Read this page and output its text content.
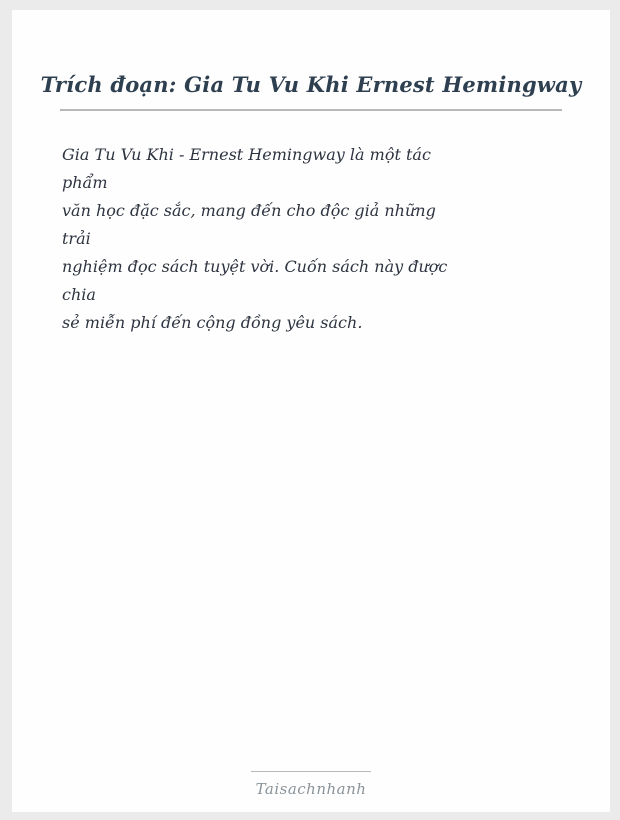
Trích đoạn: Gia Tu Vu Khi Ernest Hemingway

Gia Tu Vu Khi - Ernest Hemingway là một tác

phẩm

văn học đặc sắc, mang đến cho độc giả những

trải

nghiệm đọc sách tuyệt vời. Cuốn sách này được

chia

sẻ miễn phí đến cộng đồng yêu sách.

Taisachnhanh
